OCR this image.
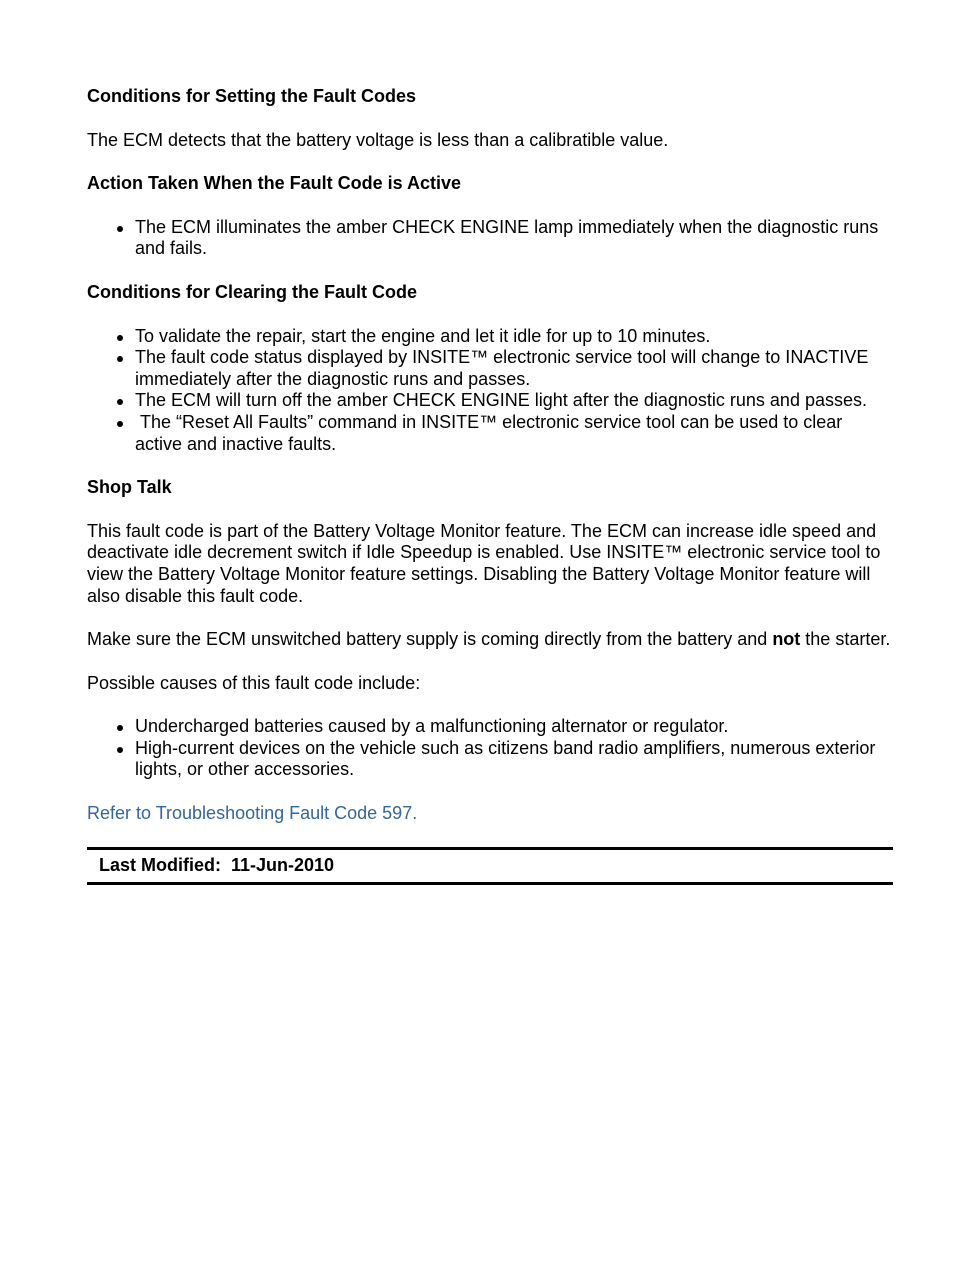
Conditions for Setting the Fault Codes

The ECM detects that the battery voltage is less than a calibratible value.

Action Taken When the Fault Code is Active
The ECM illuminates the amber CHECK ENGINE lamp immediately when the diagnostic runs and fails.
Conditions for Clearing the Fault Code
To validate the repair, start the engine and let it idle for up to 10 minutes.
The fault code status displayed by INSITE™ electronic service tool will change to INACTIVE immediately after the diagnostic runs and passes.
The ECM will turn off the amber CHECK ENGINE light after the diagnostic runs and passes.
The “Reset All Faults” command in INSITE™ electronic service tool can be used to clear active and inactive faults.
Shop Talk

This fault code is part of the Battery Voltage Monitor feature. The ECM can increase idle speed and deactivate idle decrement switch if Idle Speedup is enabled. Use INSITE™ electronic service tool to view the Battery Voltage Monitor feature settings. Disabling the Battery Voltage Monitor feature will also disable this fault code.

Make sure the ECM unswitched battery supply is coming directly from the battery and not the starter.

Possible causes of this fault code include:

Undercharged batteries caused by a malfunctioning alternator or regulator.
High-current devices on the vehicle such as citizens band radio amplifiers, numerous exterior lights, or other accessories.

Refer to Troubleshooting Fault Code 597.

Last Modified: 11-Jun-2010
